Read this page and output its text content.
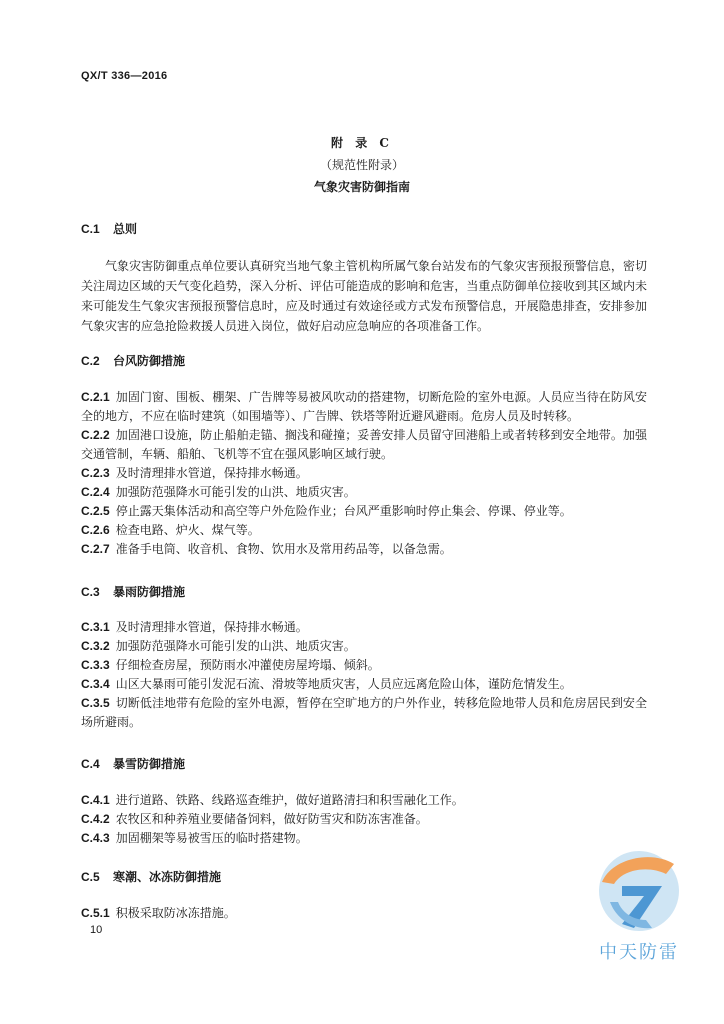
QX/T 336—2016
附 录 C
（规范性附录）
气象灾害防御指南
C.1 总则
气象灾害防御重点单位要认真研究当地气象主管机构所属气象台站发布的气象灾害预报预警信息，密切关注周边区域的天气变化趋势，深入分析、评估可能造成的影响和危害，当重点防御单位接收到其区域内未来可能发生气象灾害预报预警信息时，应及时通过有效途径或方式发布预警信息，开展隐患排查，安排参加气象灾害的应急抢险救援人员进入岗位，做好启动应急响应的各项准备工作。
C.2 台风防御措施
C.2.1 加固门窗、围板、棚架、广告牌等易被风吹动的搭建物，切断危险的室外电源。人员应当待在防风安全的地方，不应在临时建筑（如围墙等）、广告牌、铁塔等附近避风避雨。危房人员及时转移。
C.2.2 加固港口设施，防止船舶走锚、搁浅和碰撞；妥善安排人员留守回港船上或者转移到安全地带。加强交通管制，车辆、船舶、飞机等不宜在强风影响区域行驶。
C.2.3 及时清理排水管道，保持排水畅通。
C.2.4 加强防范强降水可能引发的山洪、地质灾害。
C.2.5 停止露天集体活动和高空等户外危险作业；台风严重影响时停止集会、停课、停业等。
C.2.6 检查电路、炉火、煤气等。
C.2.7 准备手电筒、收音机、食物、饮用水及常用药品等，以备急需。
C.3 暴雨防御措施
C.3.1 及时清理排水管道，保持排水畅通。
C.3.2 加强防范强降水可能引发的山洪、地质灾害。
C.3.3 仔细检查房屋，预防雨水冲灌使房屋垮塌、倾斜。
C.3.4 山区大暴雨可能引发泥石流、滑坡等地质灾害，人员应远离危险山体，谨防危情发生。
C.3.5 切断低洼地带有危险的室外电源，暂停在空旷地方的户外作业，转移危险地带人员和危房居民到安全场所避雨。
C.4 暴雪防御措施
C.4.1 进行道路、铁路、线路巡查维护，做好道路清扫和积雪融化工作。
C.4.2 农牧区和种养殖业要储备饲料，做好防雪灾和防冻害准备。
C.4.3 加固棚架等易被雪压的临时搭建物。
C.5 寒潮、冰冻防御措施
C.5.1 积极采取防冰冻措施。
10
中天防雷
